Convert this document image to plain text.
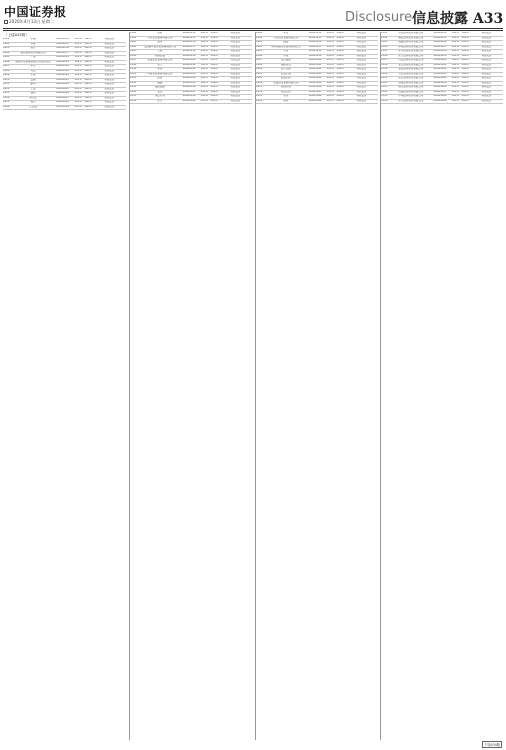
中国证券报
2020年4月13日 星期二	Disclosure 信息披露 A33
（上接A32版）
1001	中国	00001234	101.0	100.0	有效报价
1002	华夏	00001235	101.0	100.0	有效报价
1003	南方	00001236	101.0	100.0	有效报价
1004	招商证券股份有限公司	00001237	101.0	100.0	有效报价
1005	广发	00001238	101.0	100.0	有效报价
1006	国泰基金管理有限公司自有资金	00001239	101.0	100.0	有效报价
1007	申万	00001240	101.0	100.0	有效报价
1008	天弘	00001241	101.0	100.0	有效报价
1009	中金	00001242	101.0	100.0	有效报价
1010	富国	00001243	101.0	100.0	有效报价
1011	鹏华	00001244	101.0	100.0	有效报价
1012	工银	00001245	101.0	100.0	有效报价
1013	建信	00001246	101.0	100.0	有效报价
1014	易方达	00001247	101.0	100.0	有效报价
1015	嘉实	00001248	101.0	100.0	有效报价
1016	汇添富	00001249	101.0	100.0	有效报价
1101	博时	00002234	101.0	100.0	有效报价
1102	万家基金管理有限公司	00002235	101.0	100.0	有效报价
1103	银华	00002236	101.0	100.0	有效报价
1104	交银施罗德基金管理有限公司	00002237	101.0	100.0	有效报价
1105	大成	00002238	101.0	100.0	有效报价
1106	景顺长城	00002239	101.0	100.0	有效报价
1107	长城基金管理有限公司	00002240	101.0	100.0	有效报价
1108	光大	00002241	101.0	100.0	有效报价
1109	华安	00002242	101.0	100.0	有效报价
1110	中欧基金管理有限公司	00002243	101.0	100.0	有效报价
1111	诺安	00002244	101.0	100.0	有效报价
1112	融通	00002245	101.0	100.0	有效报价
1113	国投瑞银	00002246	101.0	100.0	有效报价
1114	长盛	00002247	101.0	100.0	有效报价
1115	泰达宏利	00002248	101.0	100.0	有效报价
1116	东方	00002249	101.0	100.0	有效报价
1201	华宝	00003234	101.0	100.0	有效报价
1202	兴全基金管理有限公司	00003235	101.0	100.0	有效报价
1203	国海	00003236	101.0	100.0	有效报价
1204	华泰柏瑞基金管理有限公司	00003237	101.0	100.0	有效报价
1205	平安	00003238	101.0	100.0	有效报价
1206	中银	00003239	101.0	100.0	有效报价
1207	信达澳银	00003240	101.0	100.0	有效报价
1208	浦银安盛	00003241	101.0	100.0	有效报价
1209	民生加银	00003242	101.0	100.0	有效报价
1210	农银汇理	00003243	101.0	100.0	有效报价
1211	西部利得	00003244	101.0	100.0	有效报价
1212	金鹰基金管理有限公司	00003245	101.0	100.0	有效报价
1213	前海开源	00003246	101.0	100.0	有效报价
1214	创金合信	00003247	101.0	100.0	有效报价
1215	东吴	00003248	101.0	100.0	有效报价
1216	德邦	00003249	101.0	100.0	有效报价
1301	中信证券股份有限公司	00004234	101.0	100.0	有效报价
1302	国信证券股份有限公司	00004235	101.0	100.0	有效报价
1303	海通证券股份有限公司	00004236	101.0	100.0	有效报价
1304	华泰证券股份有限公司	00004237	101.0	100.0	有效报价
1305	东方证券股份有限公司	00004238	101.0	100.0	有效报价
1306	光大证券股份有限公司	00004239	101.0	100.0	有效报价
1307	兴业证券股份有限公司	00004240	101.0	100.0	有效报价
1308	长江证券股份有限公司	00004241	101.0	100.0	有效报价
1309	安信证券股份有限公司	00004242	101.0	100.0	有效报价
1310	方正证券股份有限公司	00004243	101.0	100.0	有效报价
1311	东北证券股份有限公司	00004244	101.0	100.0	有效报价
1312	西南证券股份有限公司	00004245	101.0	100.0	有效报价
1313	国元证券股份有限公司	00004246	101.0	100.0	有效报价
1314	财通证券股份有限公司	00004247	101.0	100.0	有效报价
1315	中泰证券股份有限公司	00004248	101.0	100.0	有效报价
1316	东兴证券股份有限公司	00004249	101.0	100.0	有效报价
下转A34版
